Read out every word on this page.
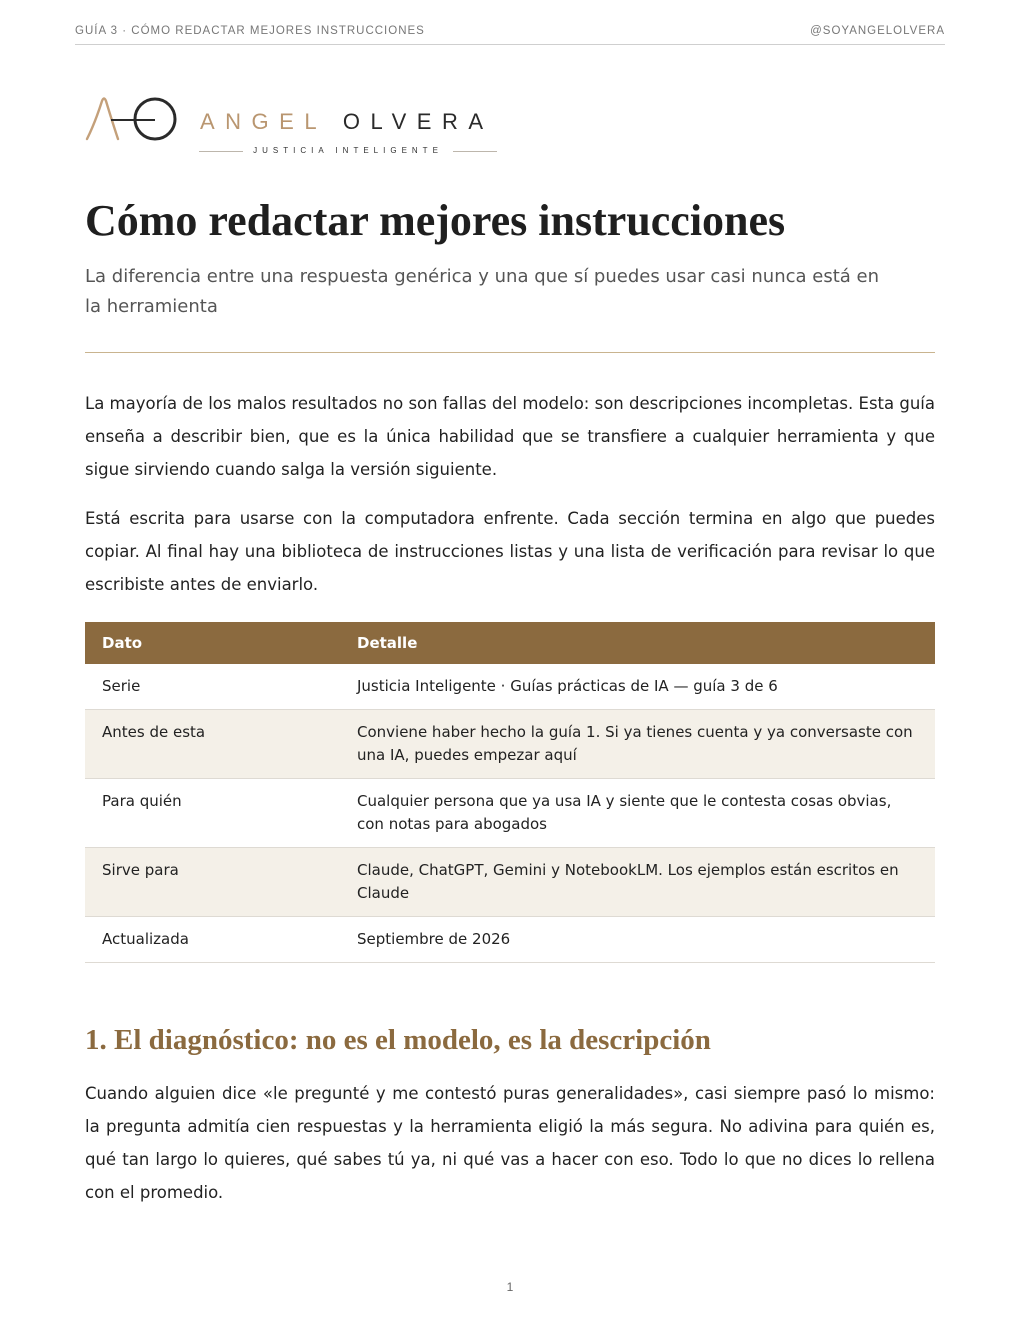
GUÍA 3 · CÓMO REDACTAR MEJORES INSTRUCCIONES	@SOYANGELOLVERA
ANGEL OLVERA
JUSTICIA INTELIGENTE
Cómo redactar mejores instrucciones

La diferencia entre una respuesta genérica y una que sí puedes usar casi nunca está en la herramienta

La mayoría de los malos resultados no son fallas del modelo: son descripciones incompletas. Esta guía enseña a describir bien, que es la única habilidad que se transfiere a cualquier herramienta y que sigue sirviendo cuando salga la versión siguiente.

Está escrita para usarse con la computadora enfrente. Cada sección termina en algo que puedes copiar. Al final hay una biblioteca de instrucciones listas y una lista de verificación para revisar lo que escribiste antes de enviarlo.

Dato	Detalle
Serie	Justicia Inteligente · Guías prácticas de IA — guía 3 de 6
Antes de esta	Conviene haber hecho la guía 1. Si ya tienes cuenta y ya conversaste con una IA, puedes empezar aquí
Para quién	Cualquier persona que ya usa IA y siente que le contesta cosas obvias, con notas para abogados
Sirve para	Claude, ChatGPT, Gemini y NotebookLM. Los ejemplos están escritos en Claude
Actualizada	Septiembre de 2026
1. El diagnóstico: no es el modelo, es la descripción

Cuando alguien dice «le pregunté y me contestó puras generalidades», casi siempre pasó lo mismo: la pregunta admitía cien respuestas y la herramienta eligió la más segura. No adivina para quién es, qué tan largo lo quieres, qué sabes tú ya, ni qué vas a hacer con eso. Todo lo que no dices lo rellena con el promedio.

1
